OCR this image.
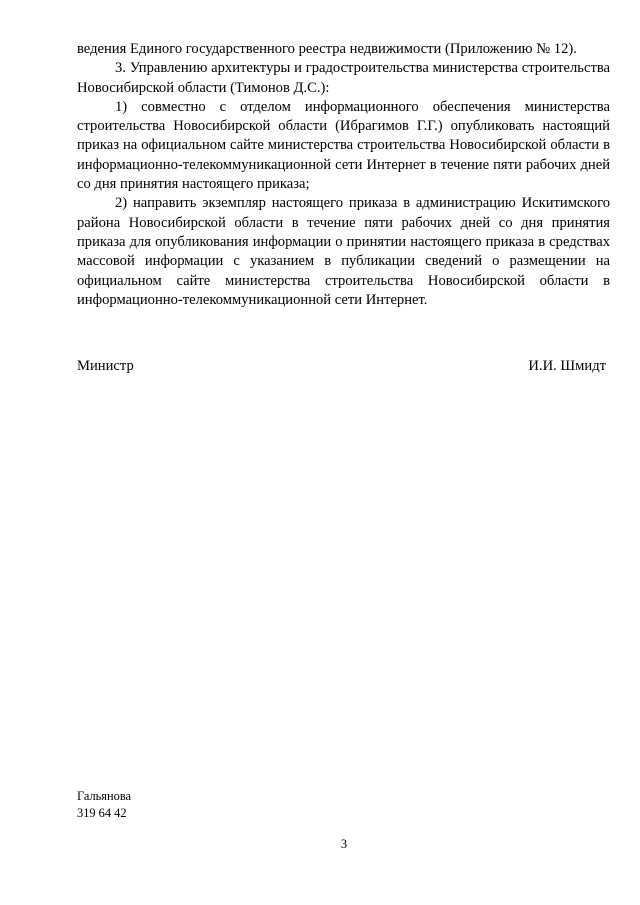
ведения Единого государственного реестра недвижимости (Приложению № 12).

3. Управлению архитектуры и градостроительства министерства строительства Новосибирской области (Тимонов Д.С.):

1) совместно с отделом информационного обеспечения министерства строительства Новосибирской области (Ибрагимов Г.Г.) опубликовать настоящий приказ на официальном сайте министерства строительства Новосибирской области в информационно-телекоммуникационной сети Интернет в течение пяти рабочих дней со дня принятия настоящего приказа;

2) направить экземпляр настоящего приказа в администрацию Искитимского района Новосибирской области в течение пяти рабочих дней со дня принятия приказа для опубликования информации о принятии настоящего приказа в средствах массовой информации с указанием в публикации сведений о размещении на официальном сайте министерства строительства Новосибирской области в информационно-телекоммуникационной сети Интернет.

Министр	И.И. Шмидт
Гальянова
319 64 42
3
